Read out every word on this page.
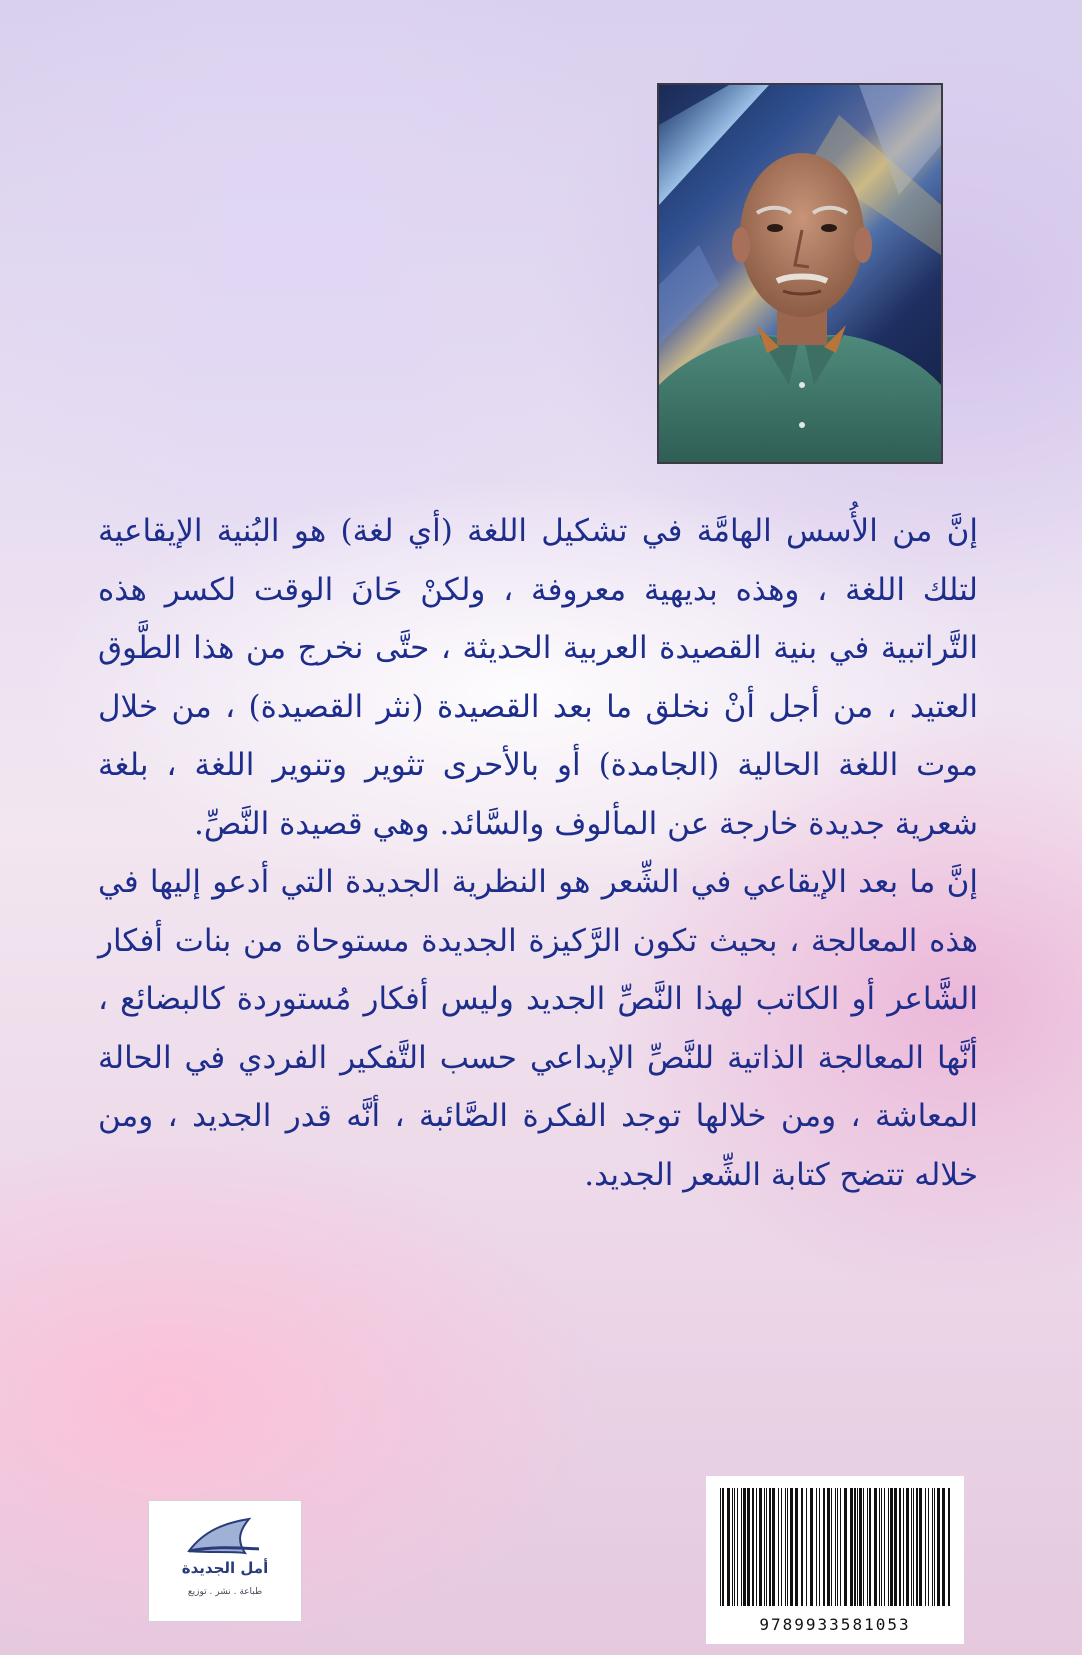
إنَّ من الأُسس الهامَّة في تشكيل اللغة (أي لغة) هو البُنية الإيقاعية لتلك اللغة ، وهذه بديهية معروفة ، ولكنْ حَانَ الوقت لكسر هذه التَّراتبية في بنية القصيدة العربية الحديثة ، حتَّى نخرج من هذا الطَّوق العتيد ، من أجل أنْ نخلق ما بعد القصيدة (نثر القصيدة) ، من خلال موت اللغة الحالية (الجامدة) أو بالأحرى تثوير وتنوير اللغة ، بلغة شعرية جديدة خارجة عن المألوف والسَّائد. وهي قصيدة النَّصِّ.

إنَّ ما بعد الإيقاعي في الشِّعر هو النظرية الجديدة التي أدعو إليها في هذه المعالجة ، بحيث تكون الرَّكيزة الجديدة مستوحاة من بنات أفكار الشَّاعر أو الكاتب لهذا النَّصِّ الجديد وليس أفكار مُستوردة كالبضائع ، أنَّها المعالجة الذاتية للنَّصِّ الإبداعي حسب التَّفكير الفردي في الحالة المعاشة ، ومن خلالها توجد الفكرة الصَّائبة ، أنَّه قدر الجديد ، ومن خلاله تتضح كتابة الشِّعر الجديد.

أمل الجديدة
طباعة . نشر . توزيع
9789933581053
